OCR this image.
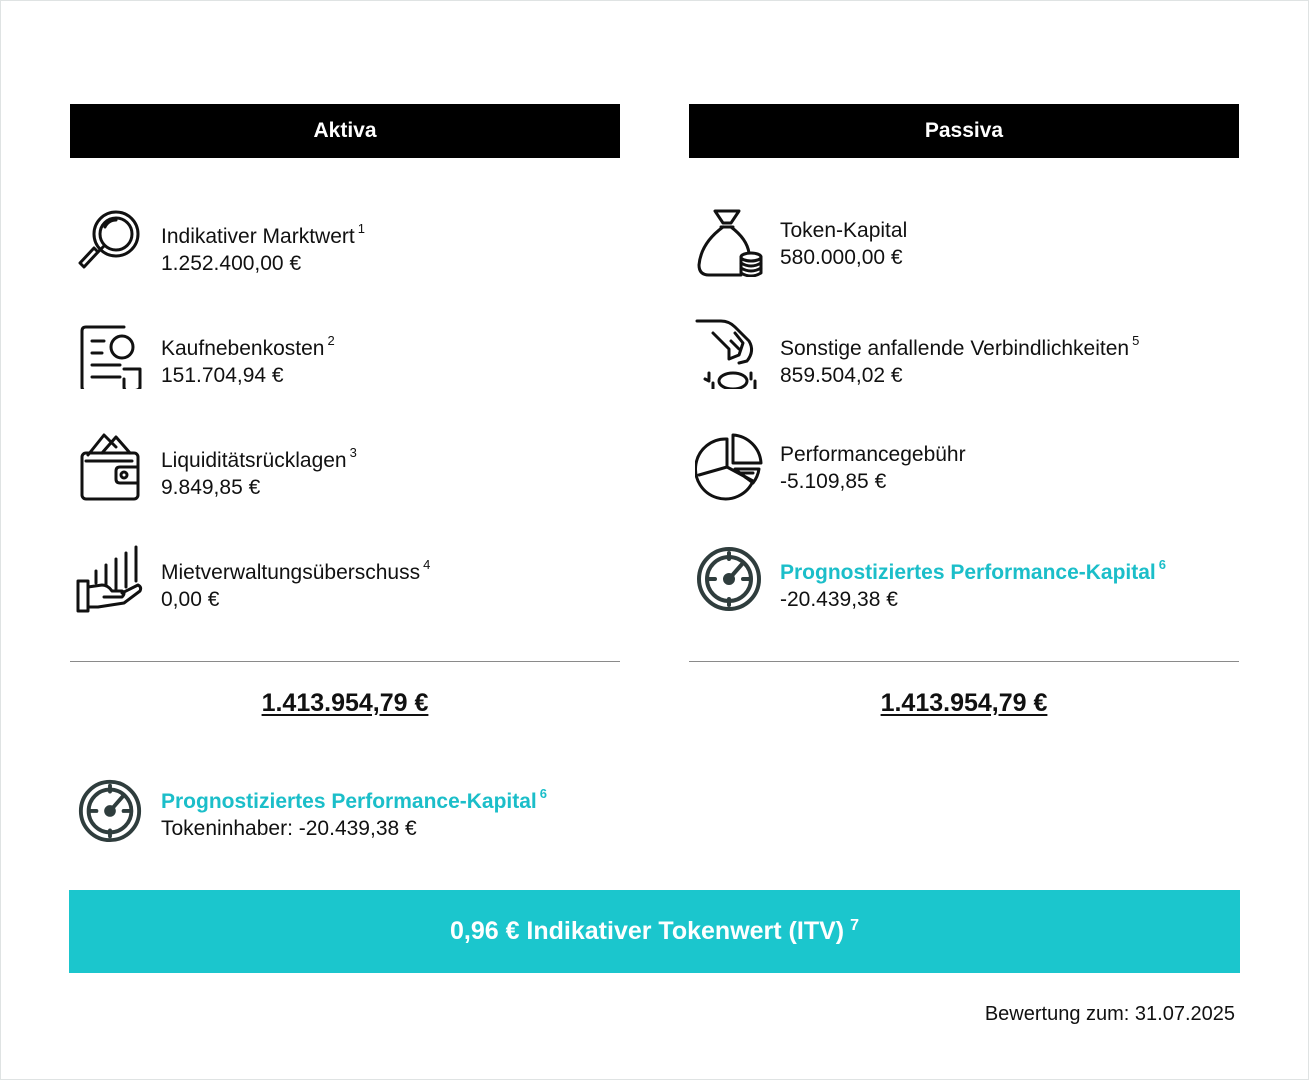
Aktiva
Indikativer Marktwert $^1$
1.252.400,00 €
Kaufnebenkosten $^2$
151.704,94 €
Liquiditätsrücklagen $^3$
9.849,85 €
Mietverwaltungsüberschuss $^4$
0,00 €
1.413.954,79 €
Passiva
Token-Kapital
580.000,00 €
Sonstige anfallende Verbindlichkeiten $^5$
859.504,02 €
Performancegebühr
-5.109,85 €
Prognostiziertes Performance-Kapital $^6$
-20.439,38 €
1.413.954,79 €
Prognostiziertes Performance-Kapital $^6$
Tokeninhaber: -20.439,38 €
0,96 € Indikativer Tokenwert (ITV) $^7$
Bewertung zum: 31.07.2025
